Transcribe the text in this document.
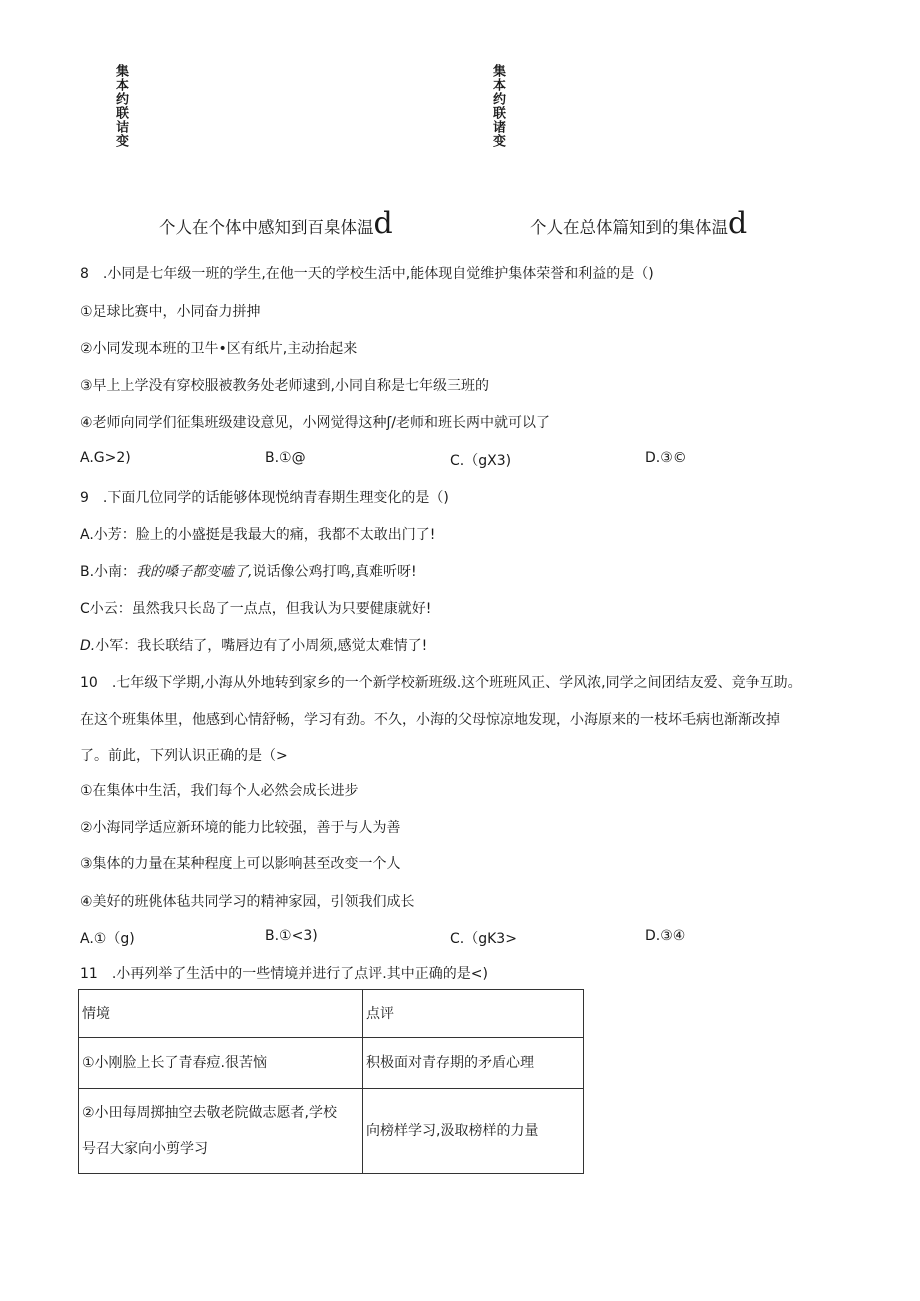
集本约联诘变	集本约联诸变
个人在个体中感知到百臬体温d	个人在总体篇知到的集体温d
8　.小同是七年级一班的学生,在他一天的学校生活中,能体现自觉维护集体荣誉和利益的是（)
①足球比赛中，小同奋力拼抻
②小同发现本班的卫牛•区有纸片,主动抬起来
③早上上学没有穿校服被教务处老师逮到,小同自称是七年级三班的
④老师向同学们征集班级建设意见，小网觉得这种ʃ/老师和班长两中就可以了
A.G>2)	B.①@	C.（gX3)	D.③©
9　.下面几位同学的话能够体现悦纳青春期生理变化的是（)
A.小芳：脸上的小盛挺是我最大的痛，我都不太敢出门了!
B.小南：我的嗓子都变嗑了,说话像公鸡打鸣,真难听呀!
C小云：虽然我只长岛了一点点，但我认为只要健康就好!
D.小军：我长联结了，嘴唇边有了小周须,感觉太难情了!
10　.七年级下学期,小海从外地转到家乡的一个新学校新班级.这个班班风正、学风浓,同学之间团结友爱、竞争互助。
在这个班集体里，他感到心情舒畅，学习有劲。不久，小海的父母惊凉地发现，小海原来的一枝坏毛病也渐渐改掉
了。前此，下列认识正确的是（>
①在集体中生活，我们每个人必然会成长进步
②小海同学适应新环境的能力比较强，善于与人为善
③集体的力量在某种程度上可以影响甚至改变一个人
④美好的班佻体毡共同学习的精神家园，引领我们成长
A.①（g)	B.①<3)	C.（gK3>	D.③④
11　.小再列举了生活中的一些情境并进行了点评.其中正确的是<)
情境	点评
①小刚脸上长了青春痘.很苦恼	积极面对青存期的矛盾心理

②小田每周掷抽空去敬老院做志愿者,学校
号召大家向小剪学习	向榜样学习,汲取榜样的力量
